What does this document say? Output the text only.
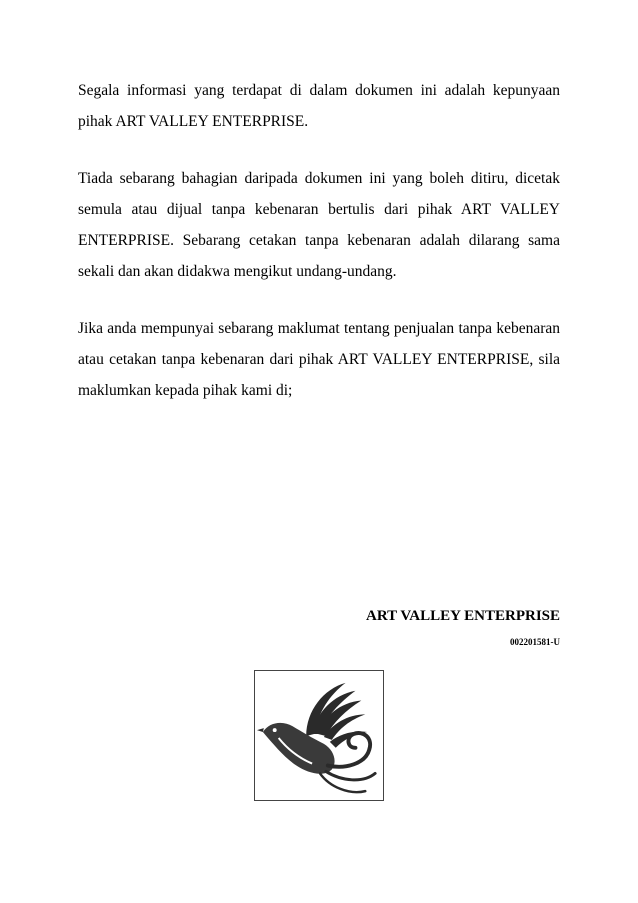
Segala informasi yang terdapat di dalam dokumen ini adalah kepunyaan pihak ART VALLEY ENTERPRISE.

Tiada sebarang bahagian daripada dokumen ini yang boleh ditiru, dicetak semula atau dijual tanpa kebenaran bertulis dari pihak ART VALLEY ENTERPRISE. Sebarang cetakan tanpa kebenaran adalah dilarang sama sekali dan akan didakwa mengikut undang-undang.

Jika anda mempunyai sebarang maklumat tentang penjualan tanpa kebenaran atau cetakan tanpa kebenaran dari pihak ART VALLEY ENTERPRISE, sila maklumkan kepada pihak kami di;

ART VALLEY ENTERPRISE
002201581-U
